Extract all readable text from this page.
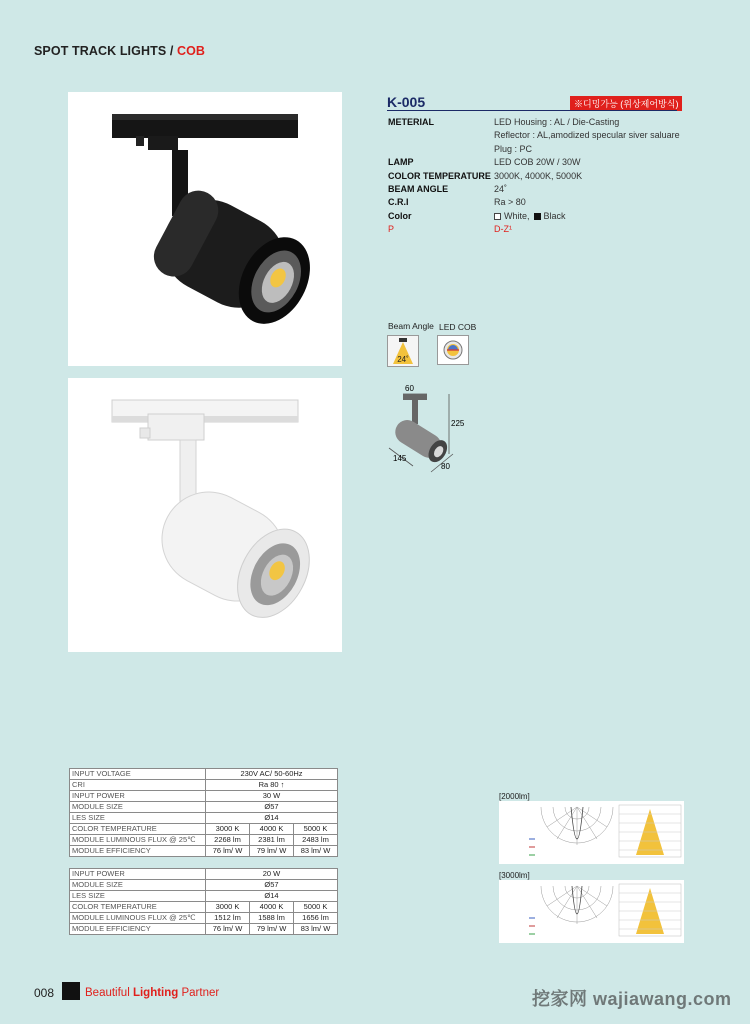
SPOT TRACK LIGHTS / COB
K-005	※디밍가능 (위상제어방식)
METERIAL	LED Housing : AL / Die-Casting
Reflector : AL,amodized specular siver saluare
Plug : PC
LAMP	LED COB 20W / 30W
COLOR TEMPERATURE 3000K, 4000K, 5000K
BEAM ANGLE	24˚
C.R.I	Ra > 80
Color	White, Black
P	D-Z¹
Beam Angle LED COB
24˚
60
225
145
80
INPUT VOLTAGE	230V AC/ 50-60Hz		
CRI	Ra 80 ↑		
INPUT POWER	30 W		
MODULE SIZE	Ø57		
LES SIZE	Ø14		
COLOR TEMPERATURE	3000 K	4000 K	5000 K
MODULE LUMINOUS FLUX @ 25℃	2268 lm	2381 lm	2483 lm
MODULE EFFICIENCY	76 lm/ W	79 lm/ W	83 lm/ W
INPUT POWER	20 W		
MODULE SIZE	Ø57		
LES SIZE	Ø14		
COLOR TEMPERATURE	3000 K	4000 K	5000 K
MODULE LUMINOUS FLUX @ 25℃	1512 lm	1588 lm	1656 lm
MODULE EFFICIENCY	76 lm/ W	79 lm/ W	83 lm/ W
[2000lm]
[3000lm]
008	Beautiful Lighting Partner	挖家网 wajiawang.com
